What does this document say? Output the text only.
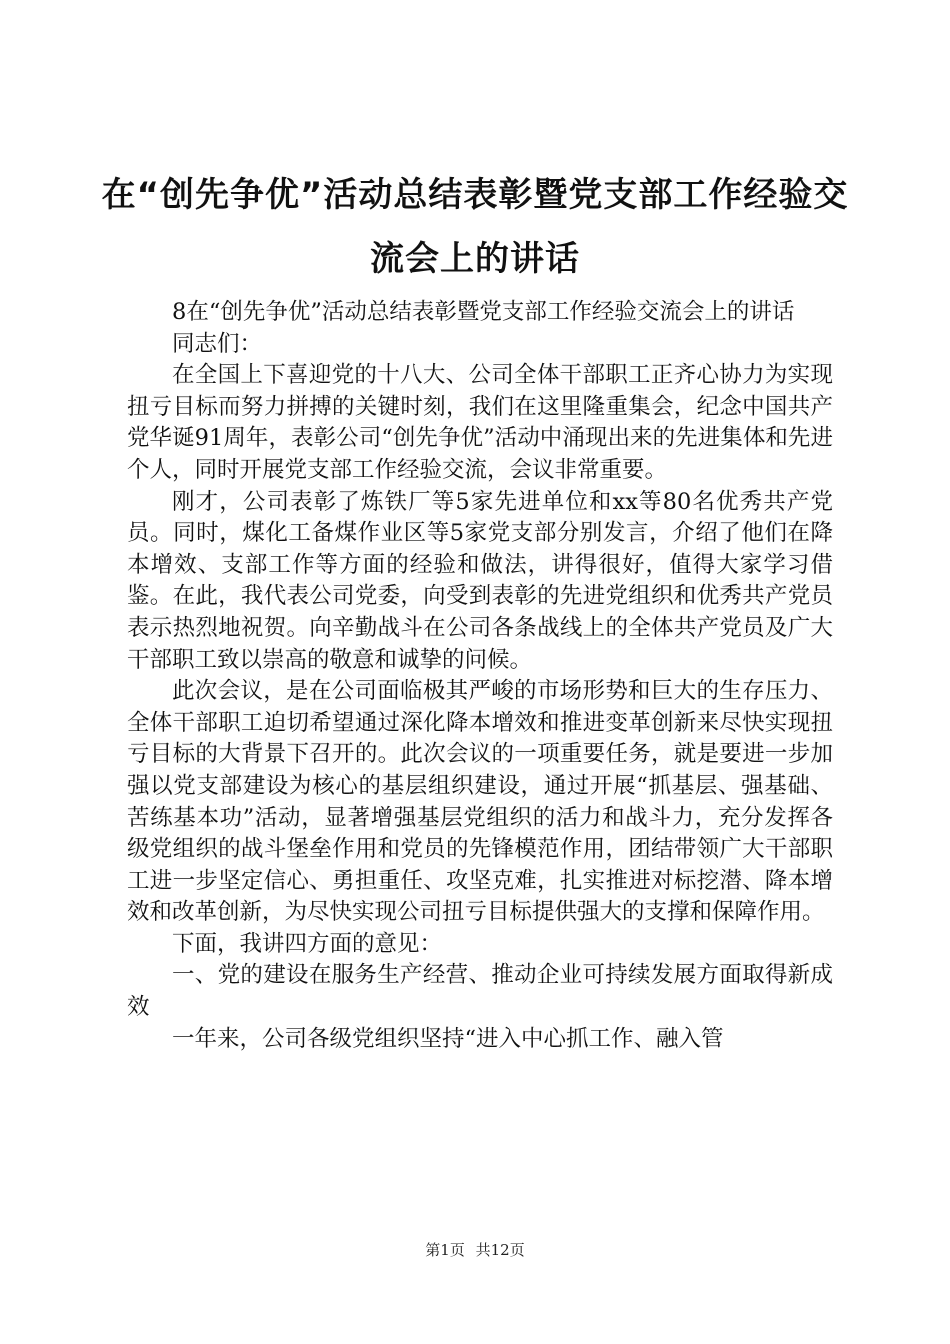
在“创先争优”活动总结表彰暨党支部工作经验交流会上的讲话

8在“创先争优”活动总结表彰暨党支部工作经验交流会上的讲话

同志们：

在全国上下喜迎党的十八大、公司全体干部职工正齐心协力为实现扭亏目标而努力拼搏的关键时刻，我们在这里隆重集会，纪念中国共产党华诞91周年，表彰公司“创先争优”活动中涌现出来的先进集体和先进个人，同时开展党支部工作经验交流，会议非常重要。

刚才，公司表彰了炼铁厂等5家先进单位和xx等80名优秀共产党员。同时，煤化工备煤作业区等5家党支部分别发言，介绍了他们在降本增效、支部工作等方面的经验和做法，讲得很好，值得大家学习借鉴。在此，我代表公司党委，向受到表彰的先进党组织和优秀共产党员表示热烈地祝贺。向辛勤战斗在公司各条战线上的全体共产党员及广大干部职工致以崇高的敬意和诚挚的问候。

此次会议，是在公司面临极其严峻的市场形势和巨大的生存压力、全体干部职工迫切希望通过深化降本增效和推进变革创新来尽快实现扭亏目标的大背景下召开的。此次会议的一项重要任务，就是要进一步加强以党支部建设为核心的基层组织建设，通过开展“抓基层、强基础、苦练基本功”活动，显著增强基层党组织的活力和战斗力，充分发挥各级党组织的战斗堡垒作用和党员的先锋模范作用，团结带领广大干部职工进一步坚定信心、勇担重任、攻坚克难，扎实推进对标挖潜、降本增效和改革创新，为尽快实现公司扭亏目标提供强大的支撑和保障作用。

下面，我讲四方面的意见：

一、党的建设在服务生产经营、推动企业可持续发展方面取得新成效

一年来，公司各级党组织坚持“进入中心抓工作、融入管

第1页 共12页
